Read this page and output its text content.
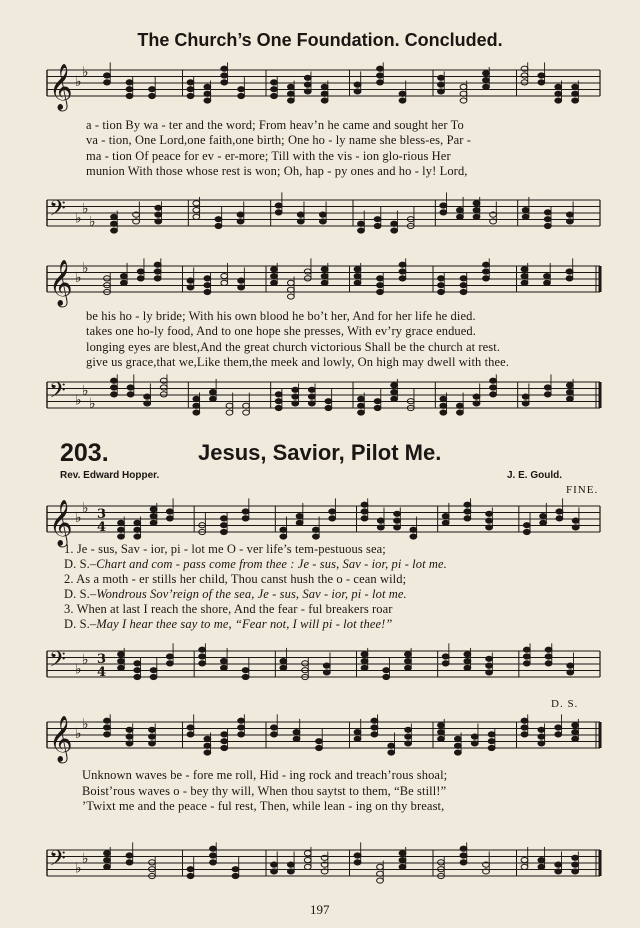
The Church’s One Foundation. Concluded.
𝄞 ♭
♭
a - tion By wa - ter and the word; From heav’n he came and sought her To
va - tion, One Lord,one faith,one birth; One ho - ly name she bless-es, Par -
ma - tion Of peace for ev - er-more; Till with the vis - ion glo-rious Her
munion With those whose rest is won; Oh, hap - py ones and ho - ly! Lord,
𝄢 ♭
♭
♭
𝄞 ♭
♭
be his ho - ly bride; With his own blood he bo’t her, And for her life he died.
takes one ho-ly food, And to one hope she presses, With ev’ry grace endued.
longing eyes are blest,And the great church victorious Shall be the church at rest.
give us grace,that we,Like them,the meek and lowly, On high may dwell with thee.
𝄢 ♭
♭
♭
203.	Jesus, Savior, Pilot Me.
Rev. Edward Hopper.	J. E. Gould.
FINE.
𝄞 ♭
♭ 3
4
1. Je - sus, Sav - ior, pi - lot me O - ver life’s tem-pestuous sea;
D. S.–Chart and com - pass come from thee : Je - sus, Sav - ior, pi - lot me.
2. As a moth - er stills her child, Thou canst hush the o - cean wild;
D. S.–Wondrous Sov’reign of the sea, Je - sus, Sav - ior, pi - lot me.
3. When at last I reach the shore, And the fear - ful breakers roar
D. S.–May I hear thee say to me, “Fear not, I will pi - lot thee!”
𝄢 ♭
♭ 3
4
D. S.
𝄞 ♭
♭
Unknown waves be - fore me roll, Hid - ing rock and treach’rous shoal;
Boist’rous waves o - bey thy will, When thou saytst to them, “Be still!”
’Twixt me and the peace - ful rest, Then, while lean - ing on thy breast,
𝄢 ♭
♭
197
